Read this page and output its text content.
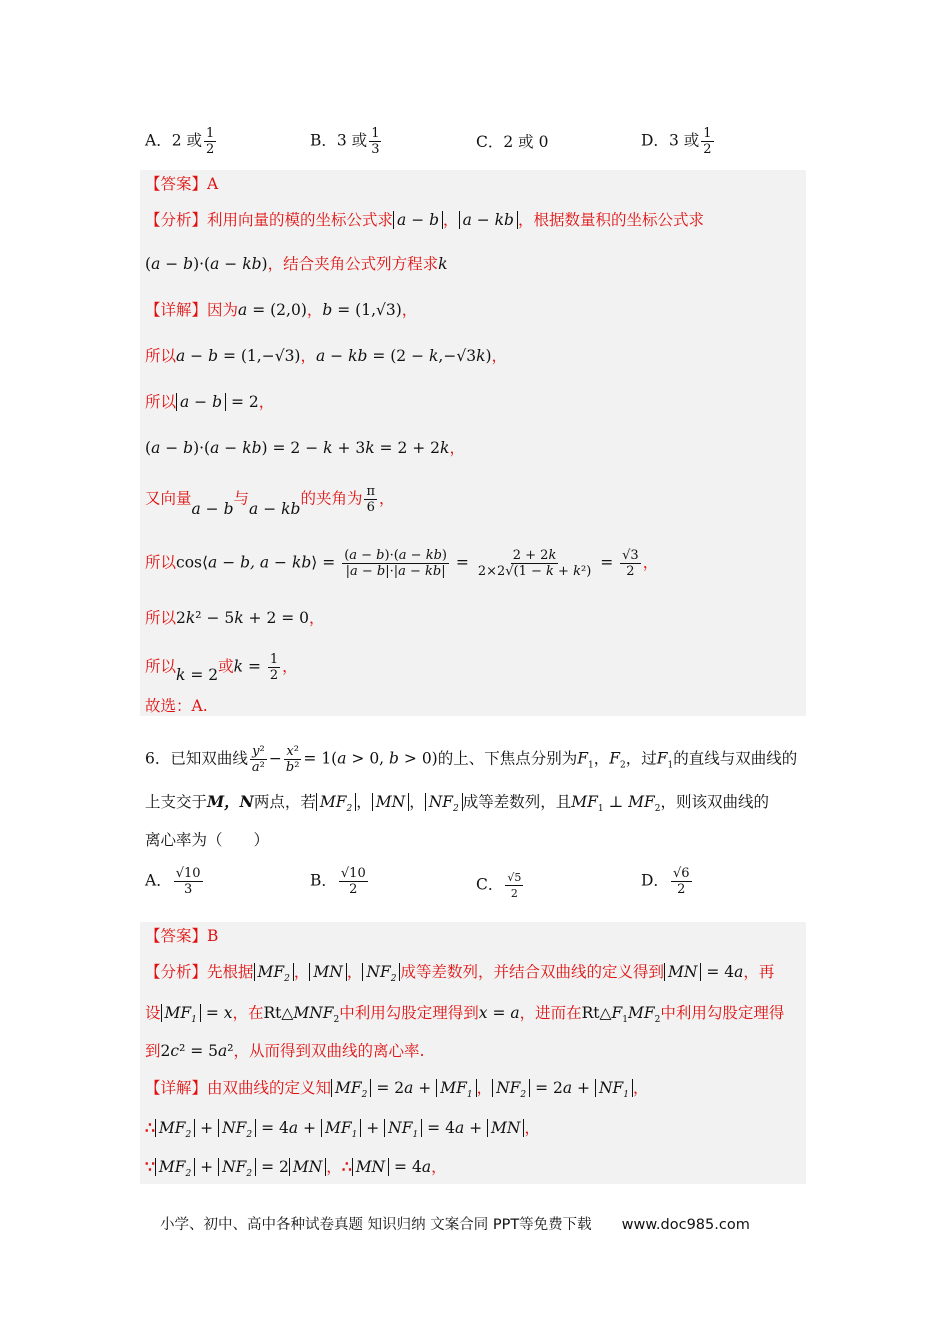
A．2 或 $\frac{1}{2}$	B．3 或 $\frac{1}{3}$	C．2 或 0	D．3 或 $\frac{1}{2}$
【答案】A
【分析】利用向量的模的坐标公式求 a − b ， a − kb ，根据数量积的坐标公式求
(a − b)·(a − kb)，结合夹角公式列方程求k
【详解】因为a = (2,0)，b = (1,√3)，
所以a − b = (1,−√3)，a − kb = (2 − k,−√3k)，
所以 a − b = 2，
(a − b)·(a − kb) = 2 − k + 3k = 2 + 2k，
又向量a − b与a − kb的夹角为 $\frac{\pi}{6}$ ，
所以cos⟨a − b, a − kb⟩ = $\frac{(a - b)\cdot(a - kb)}{|a - b|\cdot|a - kb|} = \frac{2 + 2k}{\text{2×2√(1 − k + k²)}} = \frac{√3}{2}$ ，
所以2k² − 5k + 2 = 0，
所以k = 2或$k = \frac{1}{2}$ ，
故选：A.
6．已知双曲线 $\frac{\text{y²}}{\text{a²}} - \frac{\text{x²}}{\text{b²}} = 1(a > 0$, b > 0)的上、下焦点分别为$F_1$，$F_2$，过$F_1$的直线与双曲线的
上支交于M，N两点，若 $MF_2$ ， MN ， $NF_2$ 成等差数列，且$MF_1$ ⊥ $MF_2$，则该双曲线的
离心率为（　　）
A． $\frac{√10}{3}$	B． $\frac{√10}{2}$	C． $\frac{√5}{2}$	D． $\frac{√6}{2}$
【答案】B
【分析】先根据 $MF_2$ ， MN ， $NF_2$ 成等差数列，并结合双曲线的定义得到 MN = 4a，再
设 $MF_1 = x$，在$Rt\triangle MNF_2$中利用勾股定理得到x = a，进而在$Rt\triangle F_1MF_2$中利用勾股定理得
到2c² = 5a²，从而得到双曲线的离心率.
【详解】由双曲线的定义知 $MF_2 = 2a + MF_1$ ， $NF_2 = 2a + NF_1$ ，
∴ $MF_2 + NF_2 = 4a + MF_1 + NF_1 = 4a$ + MN ，
∵ $MF_2 + NF_2 = 2$ MN ，∴ MN = 4a，
小学、初中、高中各种试卷真题 知识归纳 文案合同 PPT等免费下载 www.doc985.com
